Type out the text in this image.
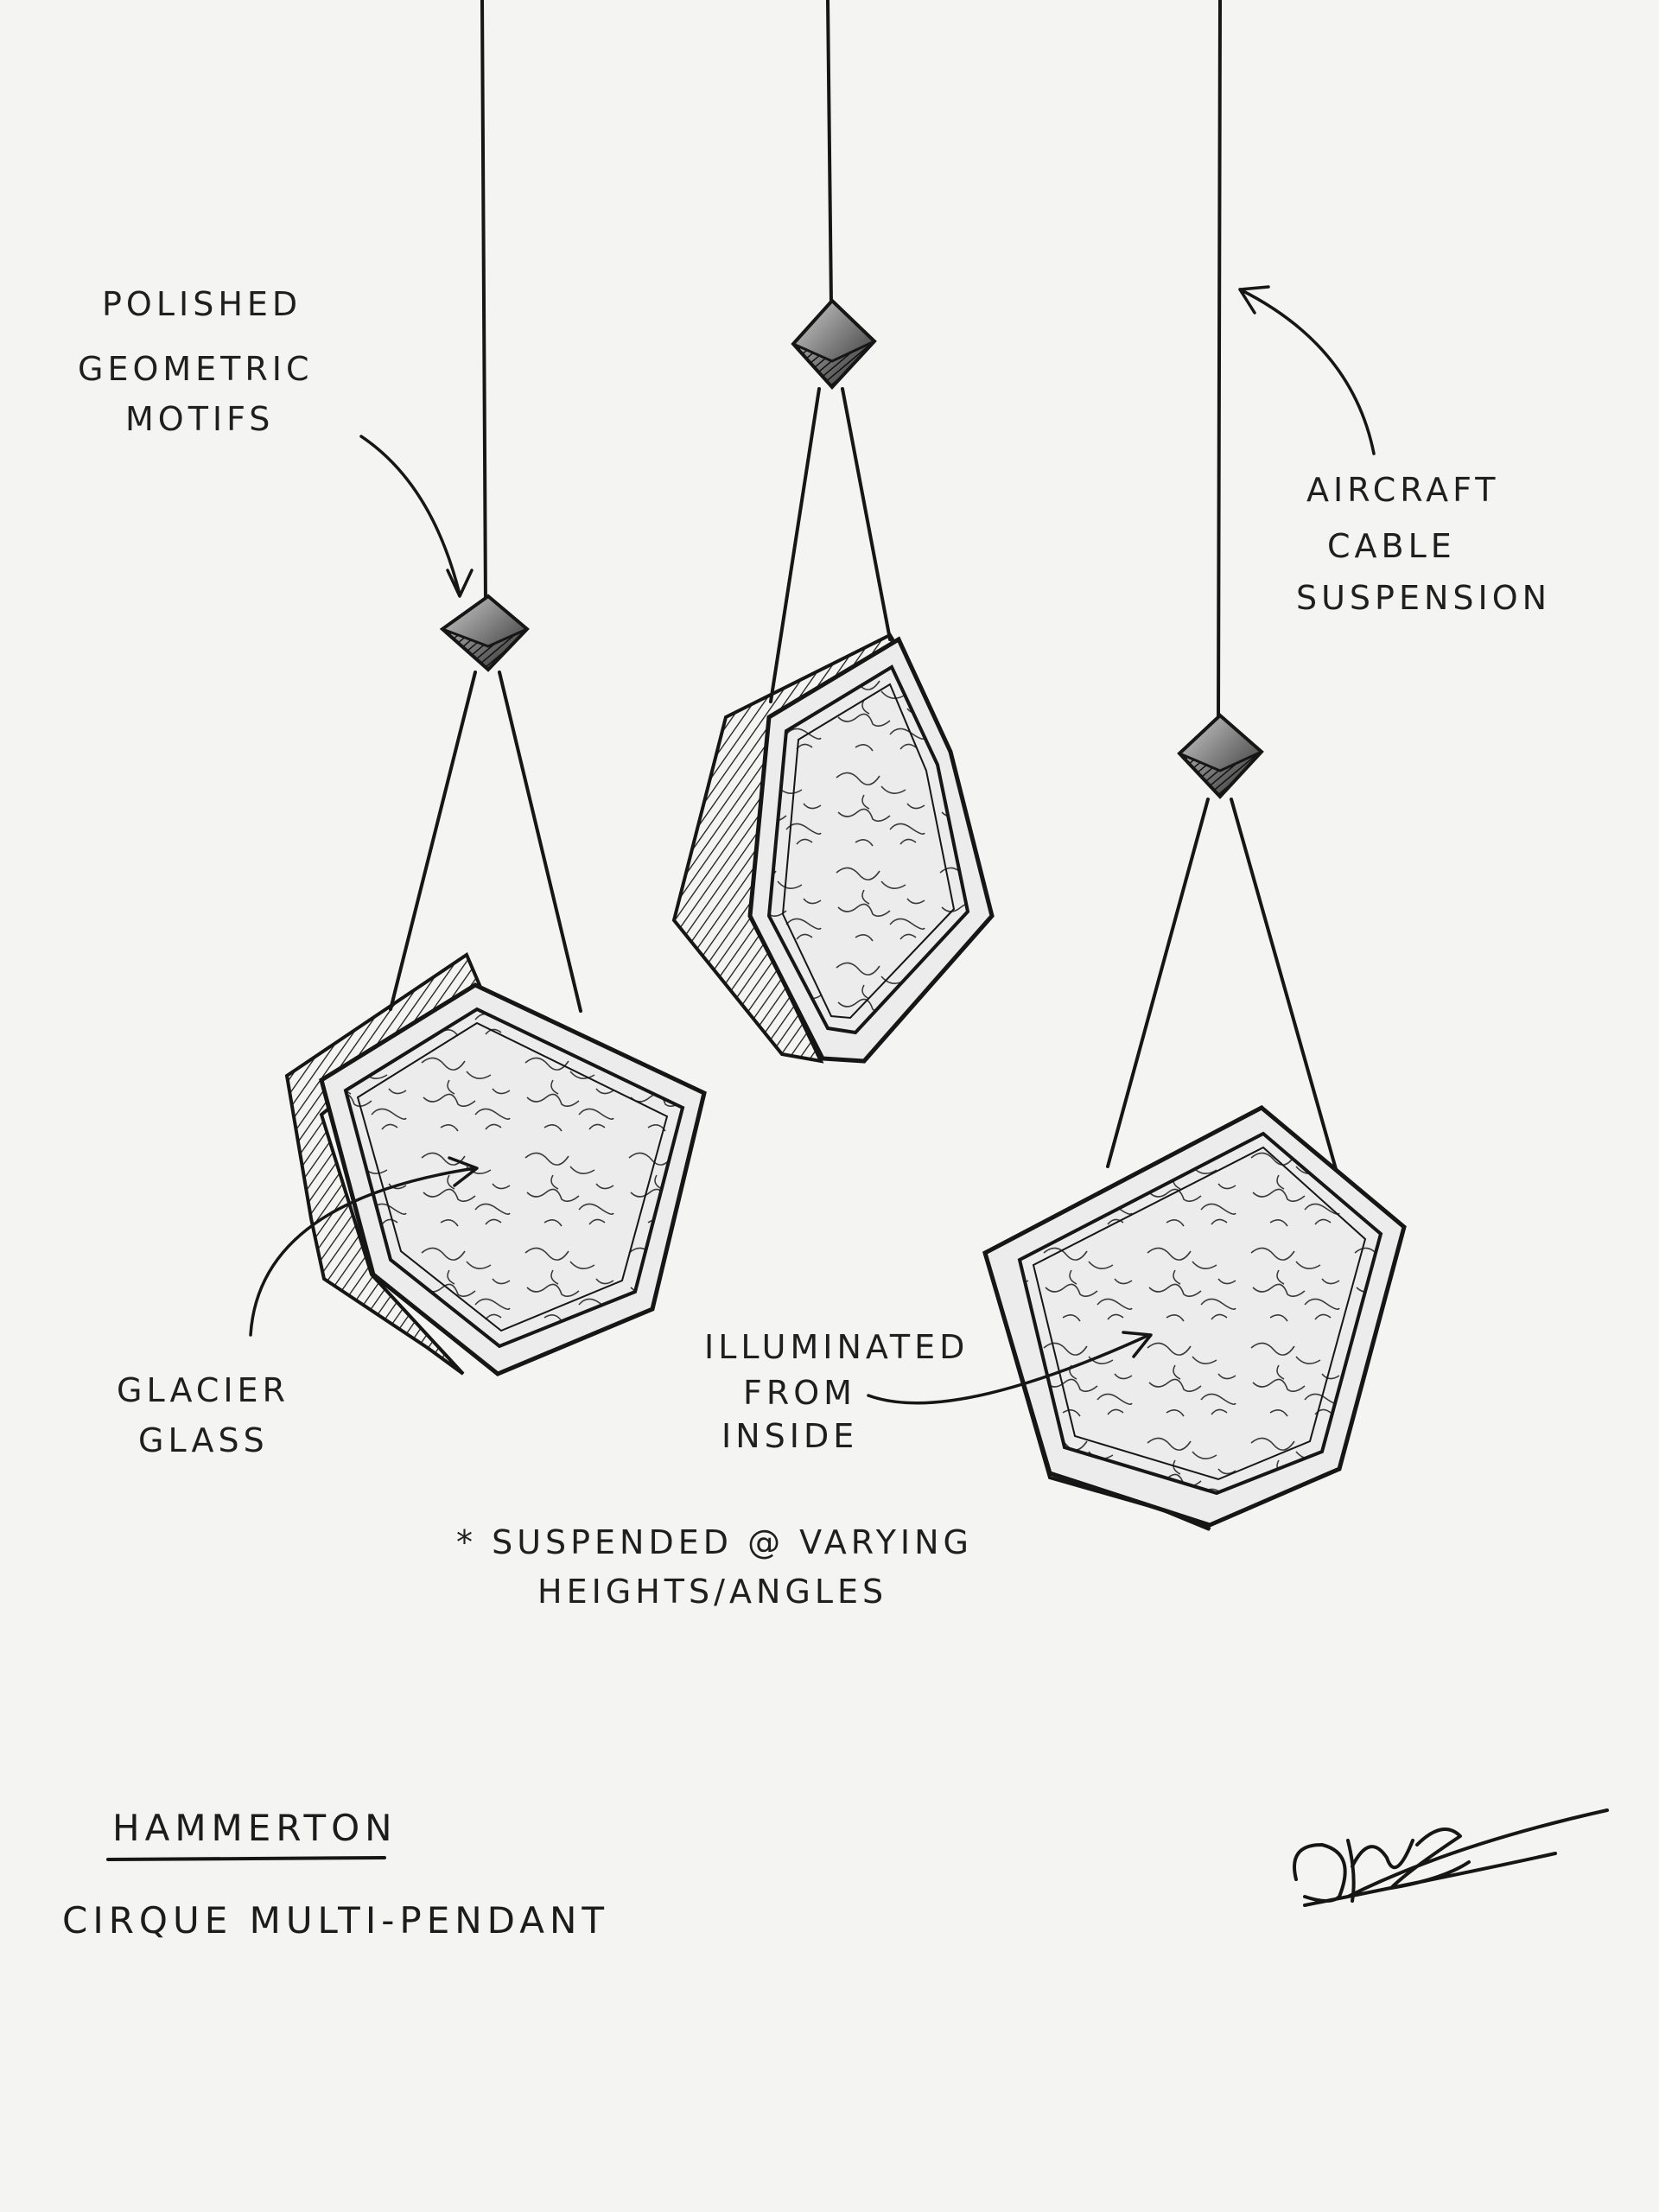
POLISHED
GEOMETRIC
MOTIFS
AIRCRAFT
CABLE
SUSPENSION
GLACIER
GLASS
ILLUMINATED
FROM
INSIDE
* SUSPENDED @ VARYING
HEIGHTS/ANGLES
HAMMERTON
CIRQUE MULTI-PENDANT
